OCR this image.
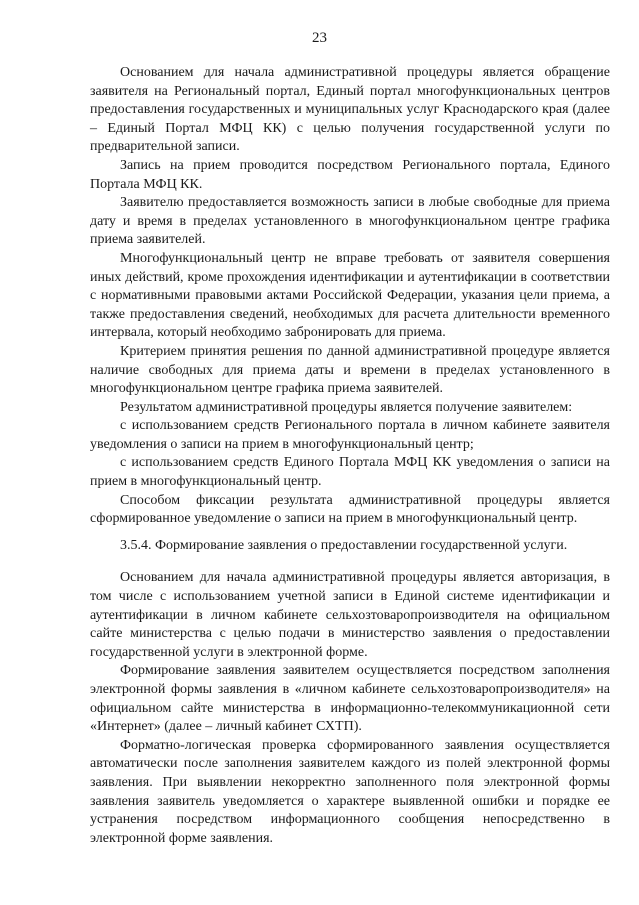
23

Основанием для начала административной процедуры является обращение заявителя на Региональный портал, Единый портал многофункциональных центров предоставления государственных и муниципальных услуг Краснодарского края (далее – Единый Портал МФЦ КК) с целью получения государственной услуги по предварительной записи.

Запись на прием проводится посредством Регионального портала, Единого Портала МФЦ КК.

Заявителю предоставляется возможность записи в любые свободные для приема дату и время в пределах установленного в многофункциональном центре графика приема заявителей.

Многофункциональный центр не вправе требовать от заявителя совершения иных действий, кроме прохождения идентификации и аутентификации в соответствии с нормативными правовыми актами Российской Федерации, указания цели приема, а также предоставления сведений, необходимых для расчета длительности временного интервала, который необходимо забронировать для приема.

Критерием принятия решения по данной административной процедуре является наличие свободных для приема даты и времени в пределах установленного в многофункциональном центре графика приема заявителей.

Результатом административной процедуры является получение заявителем:

с использованием средств Регионального портала в личном кабинете заявителя уведомления о записи на прием в многофункциональный центр;

с использованием средств Единого Портала МФЦ КК уведомления о записи на прием в многофункциональный центр.

Способом фиксации результата административной процедуры является сформированное уведомление о записи на прием в многофункциональный центр.

3.5.4. Формирование заявления о предоставлении государственной услуги.

Основанием для начала административной процедуры является авторизация, в том числе с использованием учетной записи в Единой системе идентификации и аутентификации в личном кабинете сельхозтоваропроизводителя на официальном сайте министерства с целью подачи в министерство заявления о предоставлении государственной услуги в электронной форме.

Формирование заявления заявителем осуществляется посредством заполнения электронной формы заявления в «личном кабинете сельхозтоваропроизводителя» на официальном сайте министерства в информационно-телекоммуникационной сети «Интернет» (далее – личный кабинет СХТП).

Форматно-логическая проверка сформированного заявления осуществляется автоматически после заполнения заявителем каждого из полей электронной формы заявления. При выявлении некорректно заполненного поля электронной формы заявления заявитель уведомляется о характере выявленной ошибки и порядке ее устранения посредством информационного сообщения непосредственно в электронной форме заявления.
